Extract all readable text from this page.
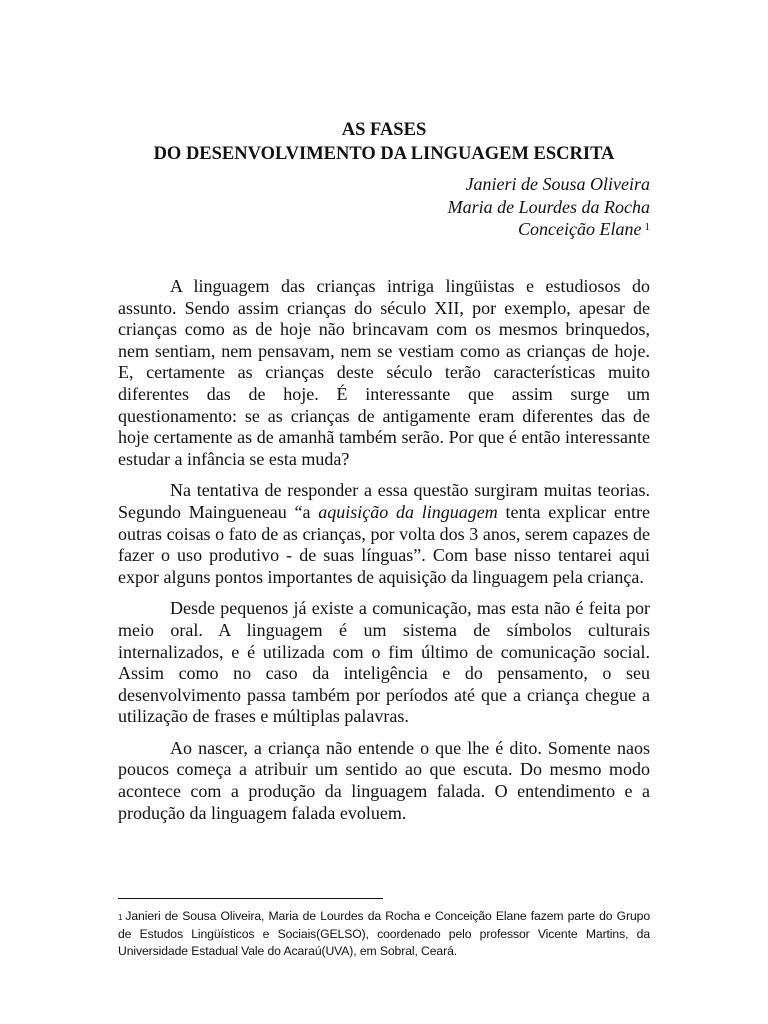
AS FASES
DO DESENVOLVIMENTO DA LINGUAGEM ESCRITA
Janieri de Sousa Oliveira
Maria de Lourdes da Rocha
Conceição Elane $^1$

A linguagem das crianças intriga lingüistas e estudiosos do assunto. Sendo assim crianças do século XII, por exemplo, apesar de crianças como as de hoje não brincavam com os mesmos brinquedos, nem sentiam, nem pensavam, nem se vestiam como as crianças de hoje. E, certamente as crianças deste século terão características muito diferentes das de hoje. É interessante que assim surge um questionamento: se as crianças de antigamente eram diferentes das de hoje certamente as de amanhã também serão. Por que é então interessante estudar a infância se esta muda?

Na tentativa de responder a essa questão surgiram muitas teorias. Segundo Maingueneau “a aquisição da linguagem tenta explicar entre outras coisas o fato de as crianças, por volta dos 3 anos, serem capazes de fazer o uso produtivo - de suas línguas”. Com base nisso tentarei aqui expor alguns pontos importantes de aquisição da linguagem pela criança.

Desde pequenos já existe a comunicação, mas esta não é feita por meio oral. A linguagem é um sistema de símbolos culturais internalizados, e é utilizada com o fim último de comunicação social. Assim como no caso da inteligência e do pensamento, o seu desenvolvimento passa também por períodos até que a criança chegue a utilização de frases e múltiplas palavras.

Ao nascer, a criança não entende o que lhe é dito. Somente naos poucos começa a atribuir um sentido ao que escuta. Do mesmo modo acontece com a produção da linguagem falada. O entendimento e a produção da linguagem falada evoluem.

$^1$ Janieri de Sousa Oliveira, Maria de Lourdes da Rocha e Conceição Elane fazem parte do Grupo de Estudos Lingüísticos e Sociais(GELSO), coordenado pelo professor Vicente Martins, da Universidade Estadual Vale do Acaraú(UVA), em Sobral, Ceará.
